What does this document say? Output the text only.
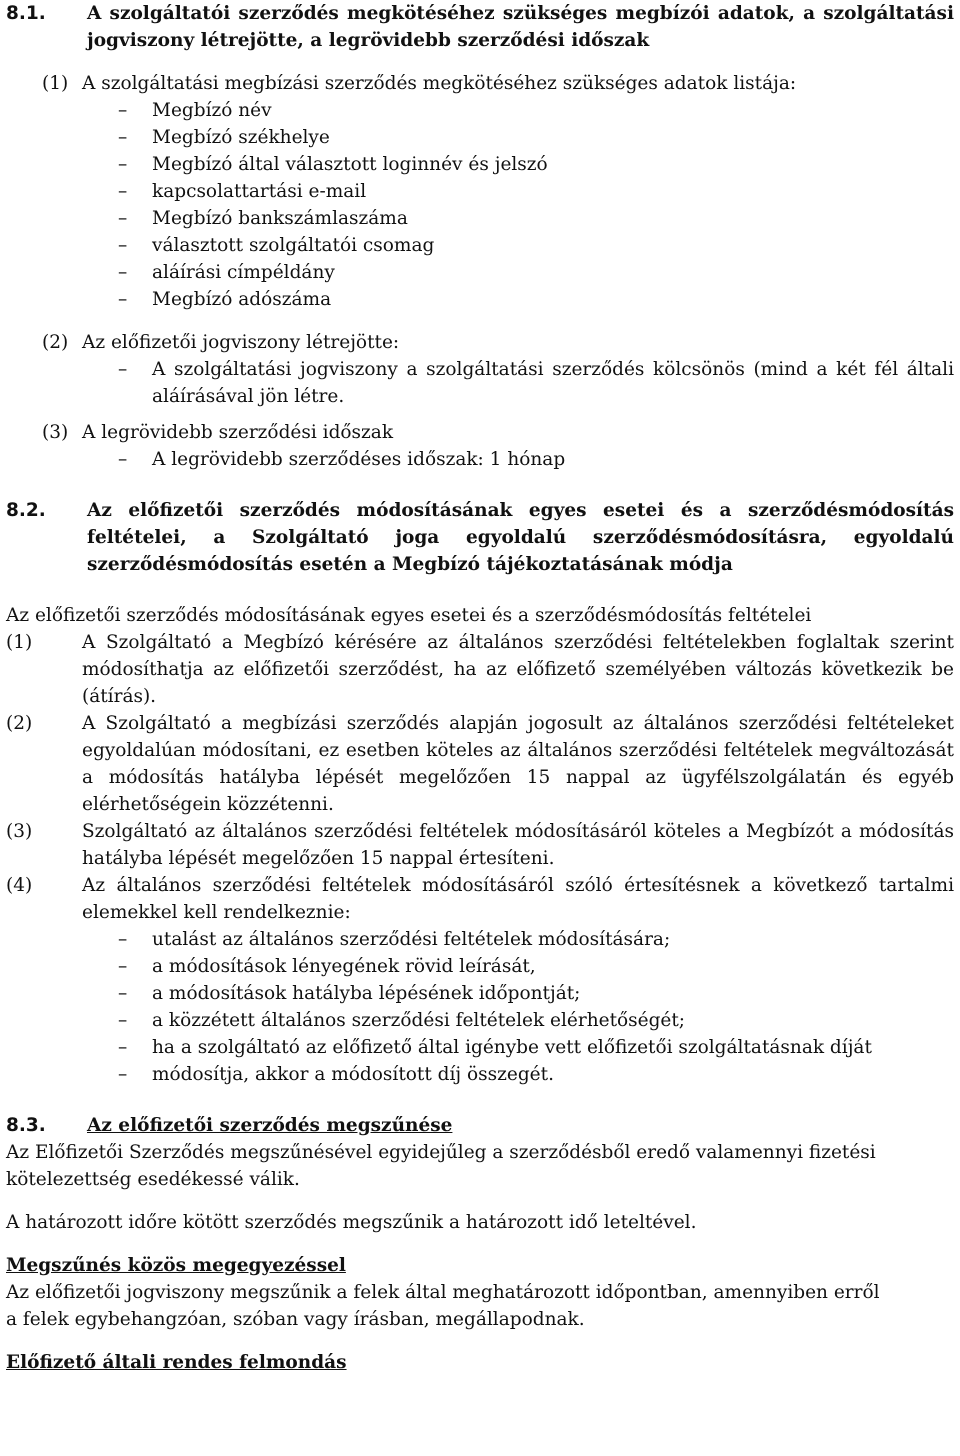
8.1.	A szolgáltatói szerződés megkötéséhez szükséges megbízói adatok, a szolgáltatási jogviszony létrejötte, a legrövidebb szerződési időszak
(1) A szolgáltatási megbízási szerződés megkötéséhez szükséges adatok listája:
–	Megbízó név
–	Megbízó székhelye
–	Megbízó által választott loginnév és jelszó
–	kapcsolattartási e-mail
–	Megbízó bankszámlaszáma
–	választott szolgáltatói csomag
–	aláírási címpéldány
–	Megbízó adószáma
(2) Az előfizetői jogviszony létrejötte:
–	A szolgáltatási jogviszony a szolgáltatási szerződés kölcsönös (mind a két fél általi aláírásával jön létre.
(3) A legrövidebb szerződési időszak
–	A legrövidebb szerződéses időszak: 1 hónap
8.2.	Az előfizetői szerződés módosításának egyes esetei és a szerződésmódosítás feltételei, a Szolgáltató joga egyoldalú szerződésmódosításra, egyoldalú szerződésmódosítás esetén a Megbízó tájékoztatásának módja

Az előfizetői szerződés módosításának egyes esetei és a szerződésmódosítás feltételei

(1)	A Szolgáltató a Megbízó kérésére az általános szerződési feltételekben foglaltak szerint módosíthatja az előfizetői szerződést, ha az előfizető személyében változás következik be (átírás).
(2)	A Szolgáltató a megbízási szerződés alapján jogosult az általános szerződési feltételeket egyoldalúan módosítani, ez esetben köteles az általános szerződési feltételek megváltozását a módosítás hatályba lépését megelőzően 15 nappal az ügyfélszolgálatán és egyéb elérhetőségein közzétenni.
(3)	Szolgáltató az általános szerződési feltételek módosításáról köteles a Megbízót a módosítás hatályba lépését megelőzően 15 nappal értesíteni.
(4)	Az általános szerződési feltételek módosításáról szóló értesítésnek a következő tartalmi elemekkel kell rendelkeznie:
–	utalást az általános szerződési feltételek módosítására;
–	a módosítások lényegének rövid leírását,
–	a módosítások hatályba lépésének időpontját;
–	a közzétett általános szerződési feltételek elérhetőségét;
–	ha a szolgáltató az előfizető által igénybe vett előfizetői szolgáltatásnak díját
–	módosítja, akkor a módosított díj összegét.
8.3.	Az előfizetői szerződés megszűnése

Az Előfizetői Szerződés megszűnésével egyidejűleg a szerződésből eredő valamennyi fizetési kötelezettség esedékessé válik.

A határozott időre kötött szerződés megszűnik a határozott idő leteltével.

Megszűnés közös megegyezéssel

Az előfizetői jogviszony megszűnik a felek által meghatározott időpontban, amennyiben erről a felek egybehangzóan, szóban vagy írásban, megállapodnak.

Előfizető általi rendes felmondás
